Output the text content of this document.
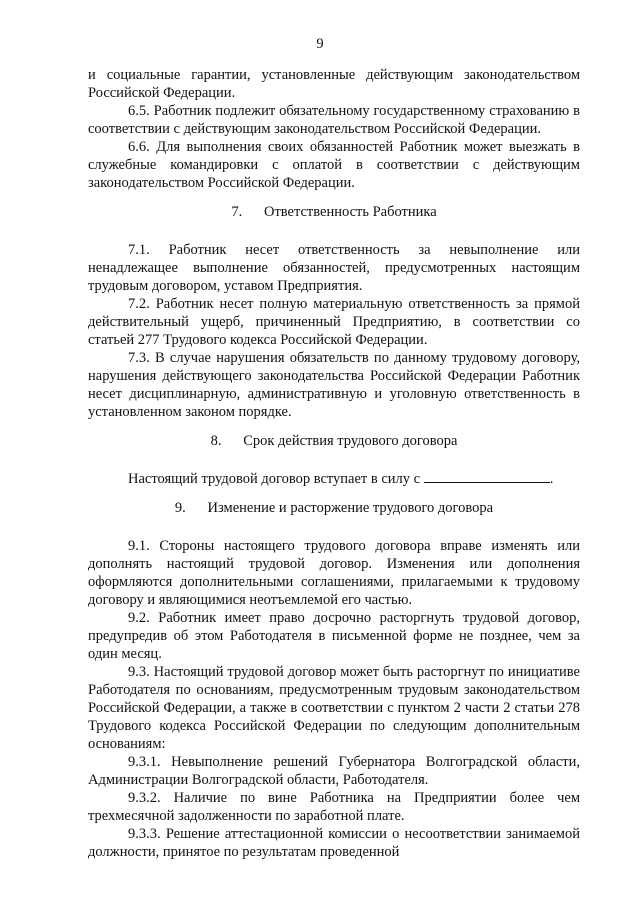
9

и социальные гарантии, установленные действующим законодательством Российской Федерации.

6.5. Работник подлежит обязательному государственному страхованию в соответствии с действующим законодательством Российской Федерации.

6.6. Для выполнения своих обязанностей Работник может выезжать в служебные командировки с оплатой в соответствии с действующим законодательством Российской Федерации.

7.      Ответственность Работника

7.1. Работник несет ответственность за невыполнение или ненадлежащее выполнение обязанностей, предусмотренных настоящим трудовым договором, уставом Предприятия.

7.2. Работник несет полную материальную ответственность за прямой действительный ущерб, причиненный Предприятию, в соответствии со статьей 277 Трудового кодекса Российской Федерации.

7.3. В случае нарушения обязательств по данному трудовому договору, нарушения действующего законодательства Российской Федерации Работник несет дисциплинарную, административную и уголовную ответственность в установленном законом порядке.

8.      Срок действия трудового договора

Настоящий трудовой договор вступает в силу с	.

9.      Изменение и расторжение трудового договора

9.1. Стороны настоящего трудового договора вправе изменять или дополнять настоящий трудовой договор. Изменения или дополнения оформляются дополнительными соглашениями, прилагаемыми к трудовому договору и являющимися неотъемлемой его частью.

9.2. Работник имеет право досрочно расторгнуть трудовой договор, предупредив об этом Работодателя в письменной форме не позднее, чем за один месяц.

9.3. Настоящий трудовой договор может быть расторгнут по инициативе Работодателя по основаниям, предусмотренным трудовым законодательством Российской Федерации, а также в соответствии с пунктом 2 части 2 статьи 278 Трудового кодекса Российской Федерации по следующим дополнительным основаниям:

9.3.1. Невыполнение решений Губернатора Волгоградской области, Администрации Волгоградской области, Работодателя.

9.3.2. Наличие по вине Работника на Предприятии более чем трехмесячной задолженности по заработной плате.

9.3.3. Решение аттестационной комиссии о несоответствии занимаемой должности, принятое по результатам проведенной
